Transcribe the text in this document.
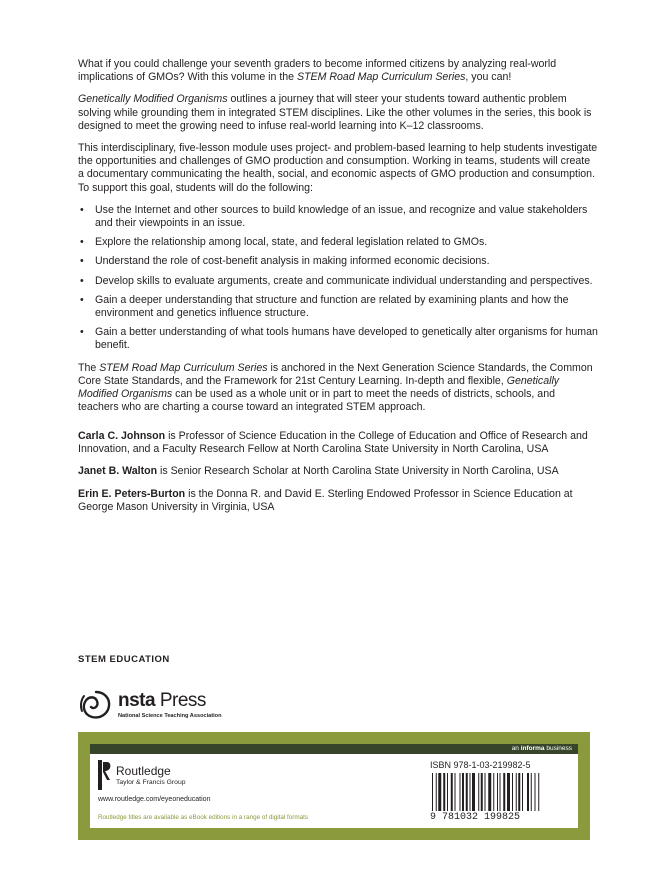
What if you could challenge your seventh graders to become informed citizens by analyzing real-world implications of GMOs? With this volume in the STEM Road Map Curriculum Series, you can!

Genetically Modified Organisms outlines a journey that will steer your students toward authentic problem solving while grounding them in integrated STEM disciplines. Like the other volumes in the series, this book is designed to meet the growing need to infuse real-world learning into K–12 classrooms.

This interdisciplinary, five-lesson module uses project- and problem-based learning to help students investigate the opportunities and challenges of GMO production and consumption. Working in teams, students will create a documentary communicating the health, social, and economic aspects of GMO production and consumption. To support this goal, students will do the following:

• Use the Internet and other sources to build knowledge of an issue, and recognize and value stakeholders and their viewpoints in an issue.
• Explore the relationship among local, state, and federal legislation related to GMOs.
• Understand the role of cost-benefit analysis in making informed economic decisions.
• Develop skills to evaluate arguments, create and communicate individual understanding and perspectives.
• Gain a deeper understanding that structure and function are related by examining plants and how the environment and genetics influence structure.
• Gain a better understanding of what tools humans have developed to genetically alter organisms for human benefit.

The STEM Road Map Curriculum Series is anchored in the Next Generation Science Standards, the Common Core State Standards, and the Framework for 21st Century Learning. In-depth and flexible, Genetically Modified Organisms can be used as a whole unit or in part to meet the needs of districts, schools, and teachers who are charting a course toward an integrated STEM approach.

Carla C. Johnson is Professor of Science Education in the College of Education and Office of Research and Innovation, and a Faculty Research Fellow at North Carolina State University in North Carolina, USA

Janet B. Walton is Senior Research Scholar at North Carolina State University in North Carolina, USA

Erin E. Peters-Burton is the Donna R. and David E. Sterling Endowed Professor in Science Education at George Mason University in Virginia, USA

STEM EDUCATION
nsta Press
National Science Teaching Association
an informa business
Routledge
Taylor & Francis Group
www.routledge.com/eyeoneducation
Routledge titles are available as eBook editions in a range of digital formats
ISBN 978-1-03-219982-5
9 781032 199825
